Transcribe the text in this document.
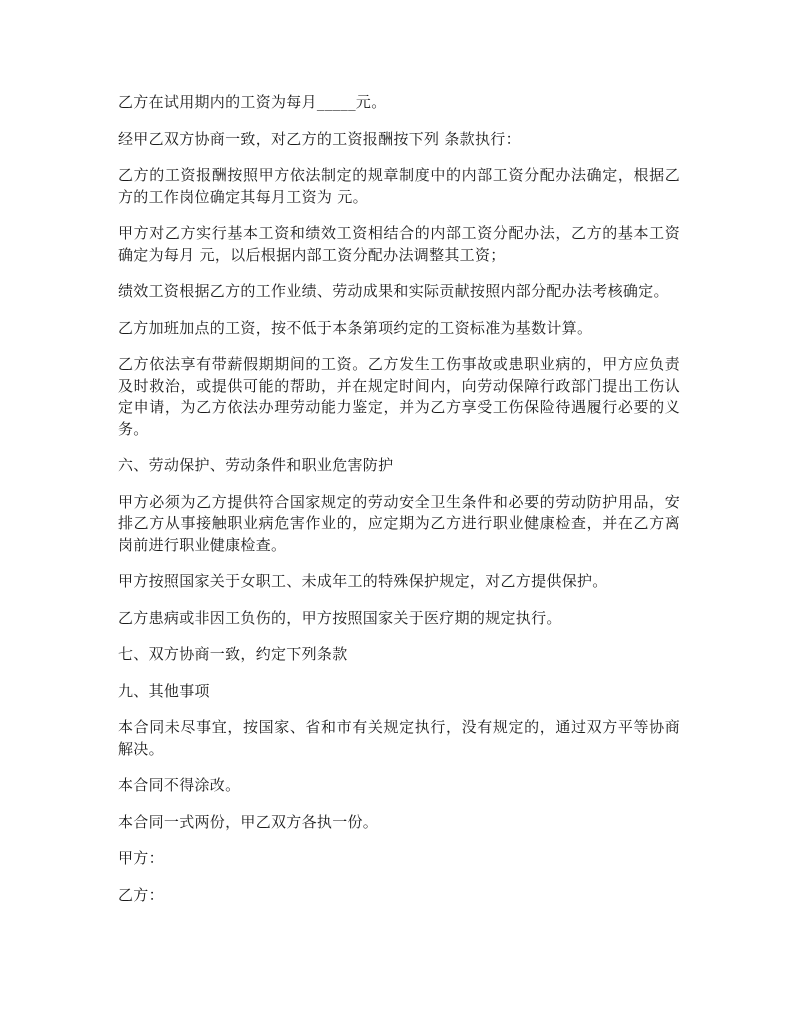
乙方在试用期内的工资为每月_____元。

经甲乙双方协商一致，对乙方的工资报酬按下列 条款执行：

乙方的工资报酬按照甲方依法制定的规章制度中的内部工资分配办法确定，根据乙方的工作岗位确定其每月工资为 元。

甲方对乙方实行基本工资和绩效工资相结合的内部工资分配办法，乙方的基本工资确定为每月 元，以后根据内部工资分配办法调整其工资；

绩效工资根据乙方的工作业绩、劳动成果和实际贡献按照内部分配办法考核确定。

乙方加班加点的工资，按不低于本条第项约定的工资标准为基数计算。

乙方依法享有带薪假期期间的工资。乙方发生工伤事故或患职业病的，甲方应负责及时救治，或提供可能的帮助，并在规定时间内，向劳动保障行政部门提出工伤认定申请，为乙方依法办理劳动能力鉴定，并为乙方享受工伤保险待遇履行必要的义务。

六、劳动保护、劳动条件和职业危害防护

甲方必须为乙方提供符合国家规定的劳动安全卫生条件和必要的劳动防护用品，安排乙方从事接触职业病危害作业的，应定期为乙方进行职业健康检查，并在乙方离岗前进行职业健康检查。

甲方按照国家关于女职工、未成年工的特殊保护规定，对乙方提供保护。

乙方患病或非因工负伤的，甲方按照国家关于医疗期的规定执行。

七、双方协商一致，约定下列条款

九、其他事项

本合同未尽事宜，按国家、省和市有关规定执行，没有规定的，通过双方平等协商解决。

本合同不得涂改。

本合同一式两份，甲乙双方各执一份。

甲方：

乙方：
